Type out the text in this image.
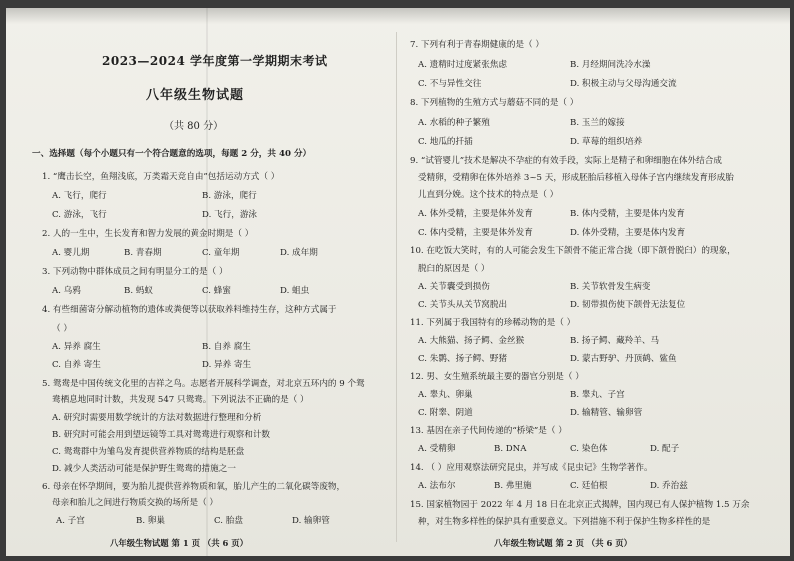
2023—2024 学年度第一学期期末考试
八年级生物试题
（共 80 分）
一、选择题（每个小题只有一个符合题意的选项，每题 2 分，共 40 分）
1. “鹰击长空，鱼翔浅底，万类霜天竞自由”包括运动方式（ ）
A. 飞行，爬行	B. 游泳，爬行
C. 游泳，飞行	D. 飞行，游泳
2. 人的一生中，生长发育和智力发展的黄金时期是（ ）
A. 婴儿期	B. 青春期	C. 童年期	D. 成年期
3. 下列动物中群体成员之间有明显分工的是（ ）
A. 乌鸦	B. 蚂蚁	C. 蜂蜜	D. 蛆虫
4. 有些细菌寄分解动植物的遗体或粪便等以获取养料维持生存，这种方式属于
（ ）
A. 异养 腐生	B. 自养 腐生
C. 自养 寄生	D. 异养 寄生
5. 鸳鸯是中国传统文化里的吉祥之鸟。志愿者开展科学调查，对北京五环内的 9 个鸳
鸯栖息地同时计数，共发现 547 只鸳鸯。下列说法不正确的是（ ）
A. 研究时需要用数学统计的方法对数据进行整理和分析
B. 研究时可能会用到望远镜等工具对鸳鸯进行观察和计数
C. 鸳鸯群中为雏鸟发育提供营养物质的结构是胚盘
D. 减少人类活动可能是保护野生鸳鸯的措施之一
6. 母亲在怀孕期间，要为胎儿提供营养物质和氧，胎儿产生的二氧化碳等废物，
母亲和胎儿之间进行物质交换的场所是（ ）
A. 子宫	B. 卵巢	C. 胎盘	D. 输卵管
八年级生物试题 第 1 页 （共 6 页）
7. 下列有利于青春期健康的是（ ）
A. 遗精时过度紧张焦虑	B. 月经期间洗冷水澡
C. 不与异性交往	D. 积极主动与父母沟通交流
8. 下列植物的生殖方式与蘑菇不同的是（ ）
A. 水稻的种子繁殖	B. 玉兰的嫁接
C. 地瓜的扦插	D. 草莓的组织培养
9. “试管婴儿”技术是解决不孕症的有效手段，实际上是精子和卵细胞在体外结合成
受精卵，受精卵在体外培养 3~5 天，形成胚胎后移植入母体子宫内继续发育形成胎
儿直到分娩。这个技术的特点是（ ）
A. 体外受精，主要是体外发育	B. 体内受精，主要是体内发育
C. 体内受精，主要是体外发育	D. 体外受精，主要是体内发育
10. 在吃饭大笑时，有的人可能会发生下颌骨不能正常合拢（即下颌骨脱臼）的现象，
脱臼的原因是（ ）
A. 关节囊受到损伤	B. 关节软骨发生病变
C. 关节头从关节窝脱出	D. 韧带损伤使下颌骨无法复位
11. 下列属于我国特有的珍稀动物的是（ ）
A. 大熊猫、扬子鳄、金丝猴	B. 扬子鳄、藏羚羊、马
C. 朱鹮、扬子鳄、野猪	D. 蒙古野驴、丹顶鹤、鲨鱼
12. 男、女生殖系统最主要的器官分别是（ ）
A. 睾丸、卵巢	B. 睾丸、子宫
C. 附睾、阴道	D. 输精管、输卵管
13. 基因在亲子代间传递的“桥梁”是（ ）
A. 受精卵	B. DNA	C. 染色体	D. 配子
14. （ ）应用观察法研究昆虫，并写成《昆虫记》生物学著作。
A. 法布尔	B. 弗里施	C. 廷伯根	D. 乔治兹
15. 国家植物园于 2022 年 4 月 18 日在北京正式揭牌，国内现已有人保护植物 1.5 万余
种，对生物多样性的保护具有重要意义。下列措施不利于保护生物多样性的是
八年级生物试题 第 2 页 （共 6 页）
